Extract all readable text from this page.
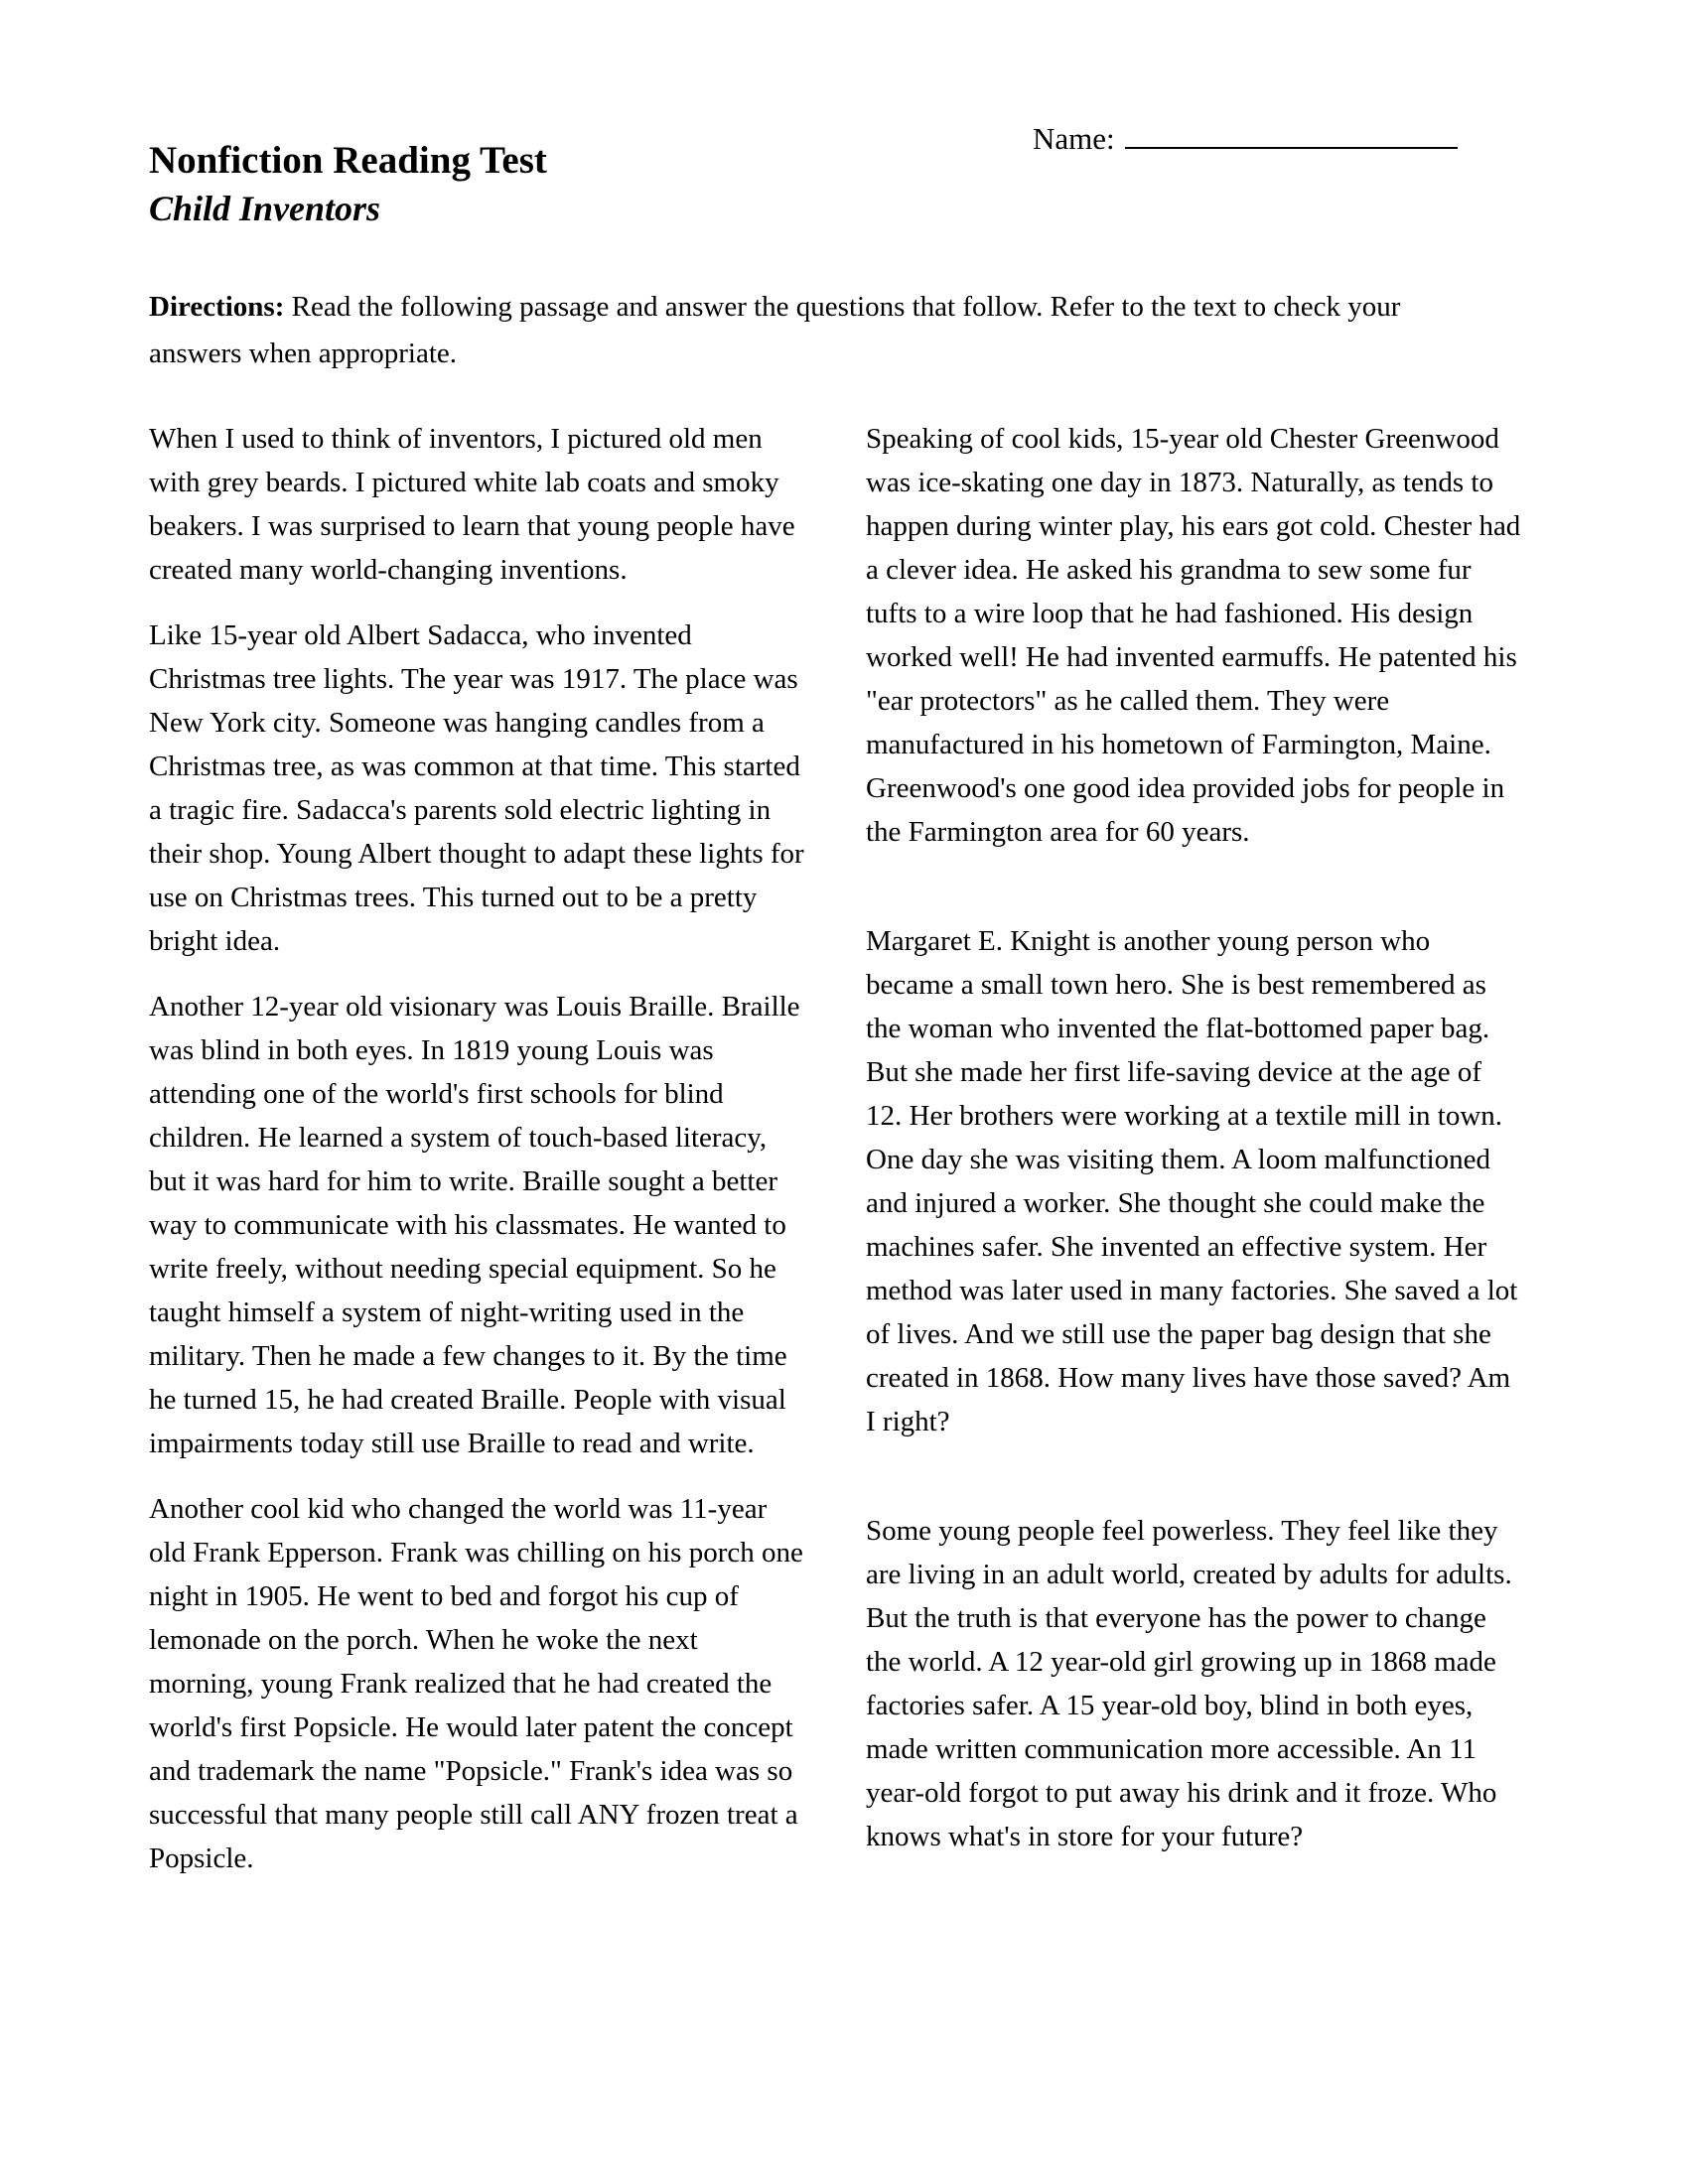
Name:
Nonfiction Reading Test
Child Inventors
Directions: Read the following passage and answer the questions that follow. Refer to the text to check your answers when appropriate.

When I used to think of inventors, I pictured old men with grey beards. I pictured white lab coats and smoky beakers. I was surprised to learn that young people have created many world-changing inventions.

Like 15-year old Albert Sadacca, who invented Christmas tree lights. The year was 1917. The place was New York city. Someone was hanging candles from a Christmas tree, as was common at that time. This started a tragic fire. Sadacca's parents sold electric lighting in their shop. Young Albert thought to adapt these lights for use on Christmas trees. This turned out to be a pretty bright idea.

Another 12-year old visionary was Louis Braille. Braille was blind in both eyes. In 1819 young Louis was attending one of the world's first schools for blind children. He learned a system of touch-based literacy, but it was hard for him to write. Braille sought a better way to communicate with his classmates. He wanted to write freely, without needing special equipment. So he taught himself a system of night-writing used in the military. Then he made a few changes to it. By the time he turned 15, he had created Braille. People with visual impairments today still use Braille to read and write.

Another cool kid who changed the world was 11-year old Frank Epperson. Frank was chilling on his porch one night in 1905. He went to bed and forgot his cup of lemonade on the porch. When he woke the next morning, young Frank realized that he had created the world's first Popsicle. He would later patent the concept and trademark the name "Popsicle." Frank's idea was so successful that many people still call ANY frozen treat a Popsicle.

Speaking of cool kids, 15-year old Chester Greenwood was ice-skating one day in 1873. Naturally, as tends to happen during winter play, his ears got cold. Chester had a clever idea. He asked his grandma to sew some fur tufts to a wire loop that he had fashioned. His design worked well! He had invented earmuffs. He patented his "ear protectors" as he called them. They were manufactured in his hometown of Farmington, Maine. Greenwood's one good idea provided jobs for people in the Farmington area for 60 years.

Margaret E. Knight is another young person who became a small town hero. She is best remembered as the woman who invented the flat-bottomed paper bag. But she made her first life-saving device at the age of 12. Her brothers were working at a textile mill in town. One day she was visiting them. A loom malfunctioned and injured a worker. She thought she could make the machines safer. She invented an effective system. Her method was later used in many factories. She saved a lot of lives. And we still use the paper bag design that she created in 1868. How many lives have those saved? Am I right?

Some young people feel powerless. They feel like they are living in an adult world, created by adults for adults. But the truth is that everyone has the power to change the world. A 12 year-old girl growing up in 1868 made factories safer. A 15 year-old boy, blind in both eyes, made written communication more accessible. An 11 year-old forgot to put away his drink and it froze. Who knows what's in store for your future?
